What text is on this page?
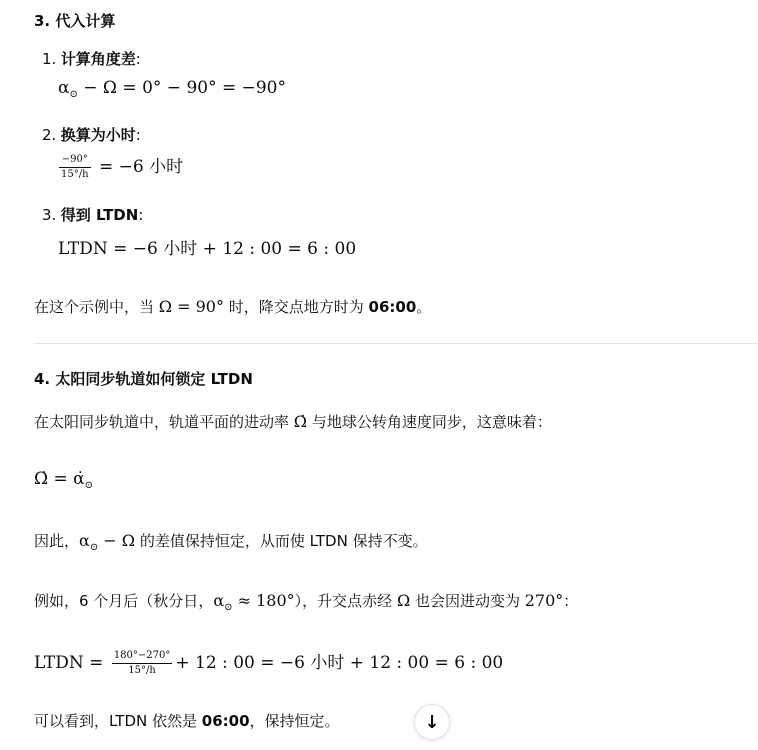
3. 代入计算
1. 计算角度差:
$\alpha_⊙ - \Omega = 0^\circ - 90^\circ = -90^\circ$
2. 换算为小时:
$\frac{-90^\circ}{15^\circ/h} = -6$ 小时
3. 得到 LTDN:
LTDN = −6 小时 + 12 : 00 = 6 : 00

在这个示例中，当 Ω = 90° 时，降交点地方时为 06:00。

4. 太阳同步轨道如何锁定 LTDN

在太阳同步轨道中，轨道平面的进动率 Ω̇ 与地球公转角速度同步，这意味着：

Ω̇ = $\alphȧ_⊙$

因此，$\alpha_⊙ - \Omega$ 的差值保持恒定，从而使 LTDN 保持不变。

例如，6 个月后（秋分日，$\alpha_⊙ \approx 180^\circ$），升交点赤经 Ω 也会因进动变为 270°：

LTDN = $\frac{180^\circ-270^\circ}{15^\circ/h} + 12$ : 00 = −6 小时 + 12 : 00 = 6 : 00

可以看到，LTDN 依然是 06:00，保持恒定。	↓
